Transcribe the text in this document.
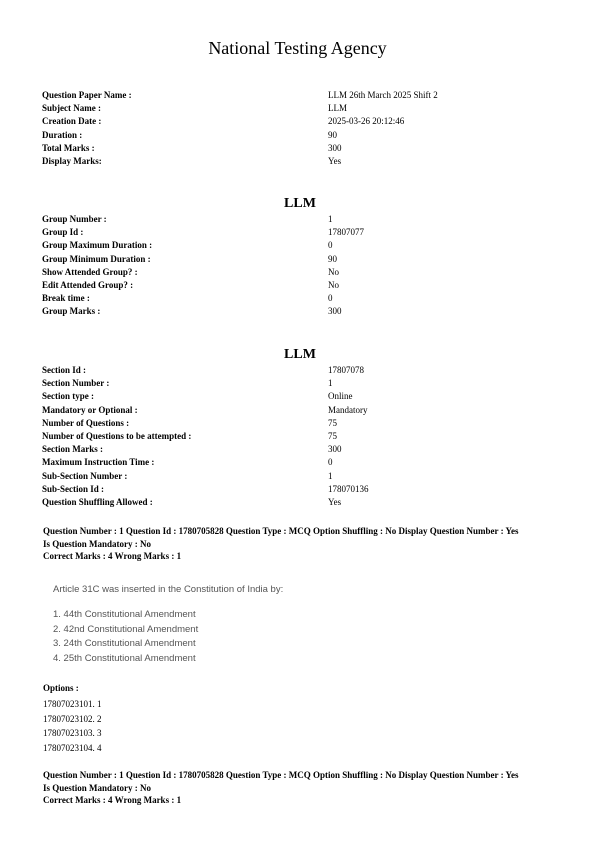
National Testing Agency
Question Paper Name :	LLM 26th March 2025 Shift 2
Subject Name :	LLM
Creation Date :	2025-03-26 20:12:46
Duration :	90
Total Marks :	300
Display Marks:	Yes
LLM
Group Number :	1
Group Id :	17807077
Group Maximum Duration :	0
Group Minimum Duration :	90
Show Attended Group? :	No
Edit Attended Group? :	No
Break time :	0
Group Marks :	300
LLM
Section Id :	17807078
Section Number :	1
Section type :	Online
Mandatory or Optional :	Mandatory
Number of Questions :	75
Number of Questions to be attempted :	75
Section Marks :	300
Maximum Instruction Time :	0
Sub-Section Number :	1
Sub-Section Id :	178070136
Question Shuffling Allowed :	Yes
Question Number : 1 Question Id : 1780705828 Question Type : MCQ Option Shuffling : No Display Question Number : Yes
Is Question Mandatory : No
Correct Marks : 4 Wrong Marks : 1
Article 31C was inserted in the Constitution of India by:
1. 44th Constitutional Amendment
2. 42nd Constitutional Amendment
3. 24th Constitutional Amendment
4. 25th Constitutional Amendment
Options :
17807023101. 1
17807023102. 2
17807023103. 3
17807023104. 4
Question Number : 1 Question Id : 1780705828 Question Type : MCQ Option Shuffling : No Display Question Number : Yes
Is Question Mandatory : No
Correct Marks : 4 Wrong Marks : 1
